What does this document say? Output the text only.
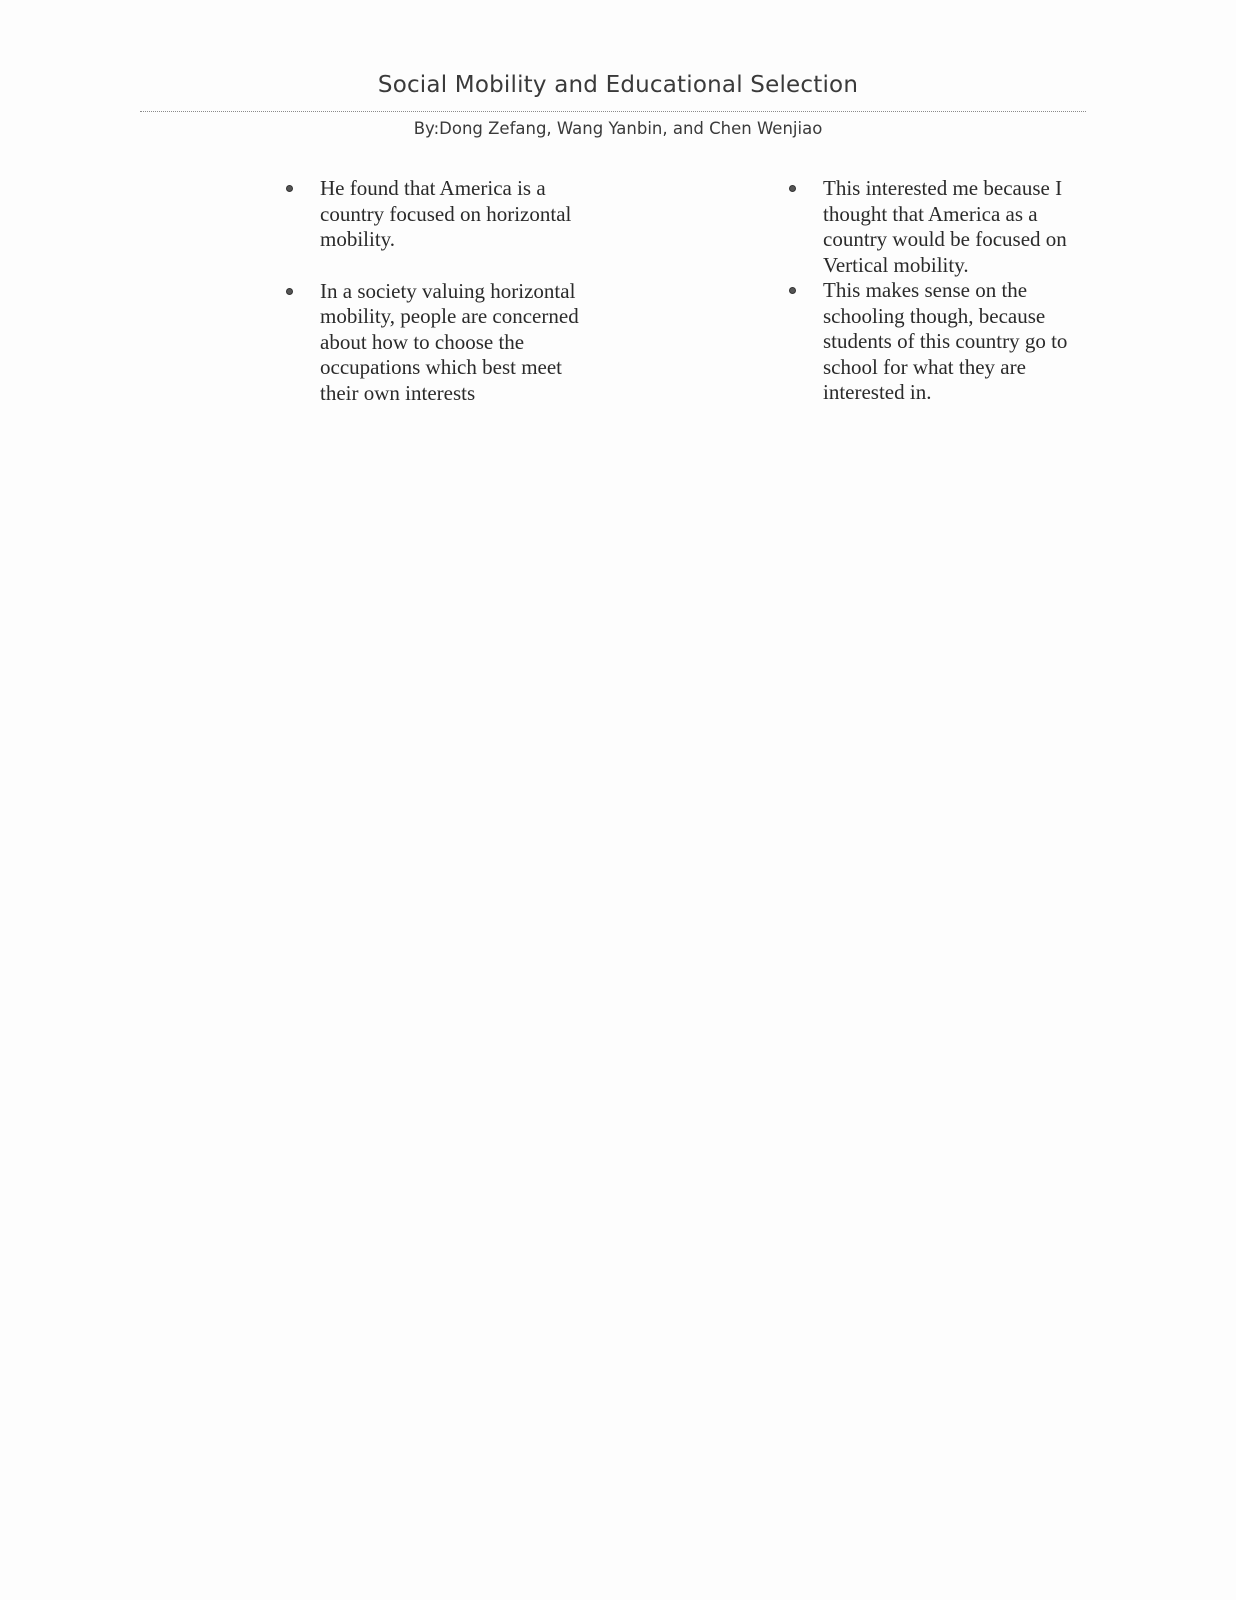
Social Mobility and Educational Selection
By:Dong Zefang, Wang Yanbin, and Chen Wenjiao
He found that America is a country focused on horizontal mobility.
In a society valuing horizontal mobility, people are concerned about how to choose the occupations which best meet their own interests
This interested me because I thought that America as a country would be focused on Vertical mobility.
This makes sense on the schooling though, because students of this country go to school for what they are interested in.
